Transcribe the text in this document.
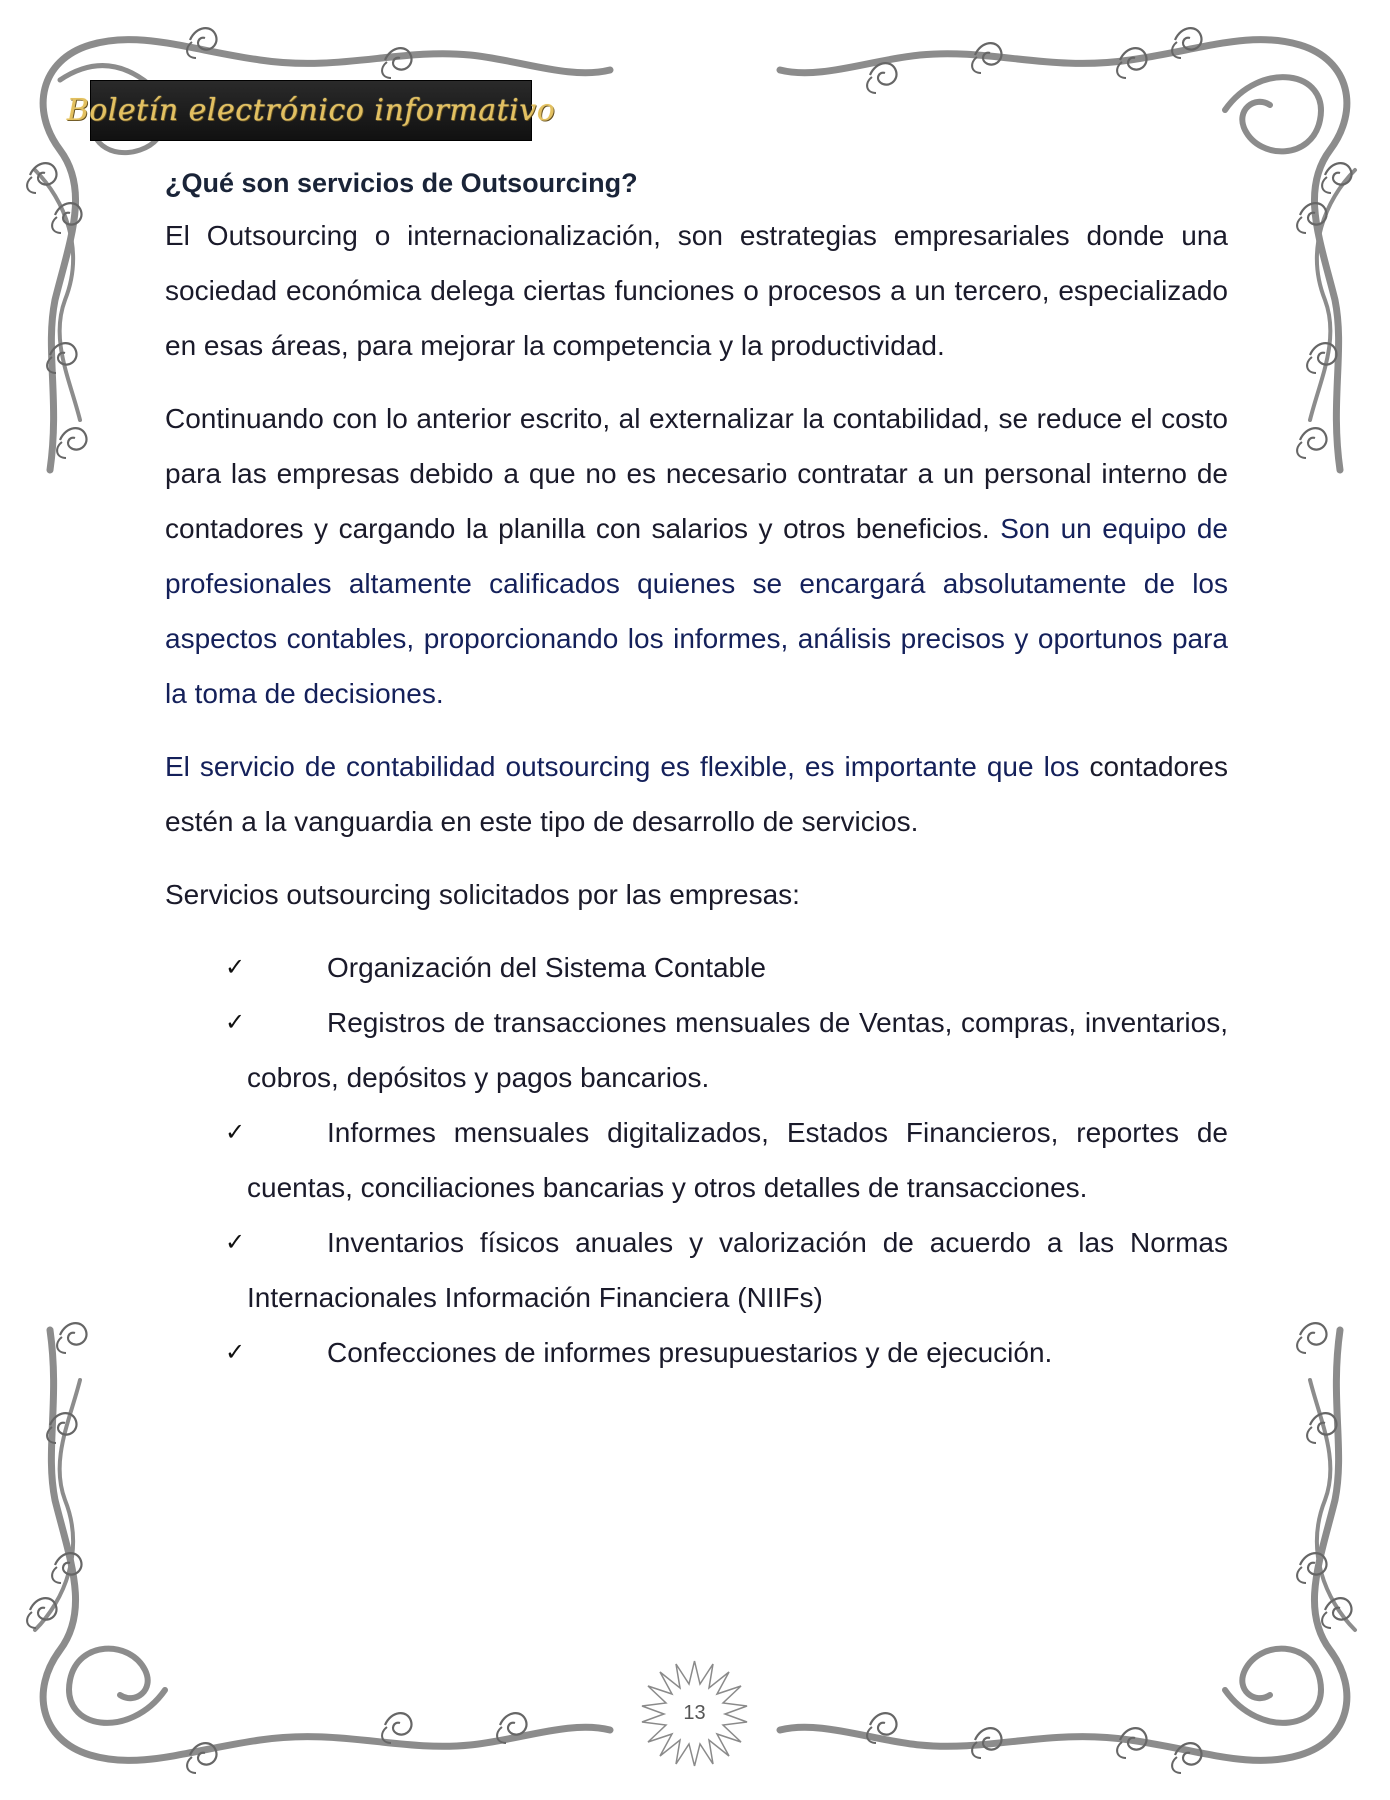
Boletín electrónico informativo
¿Qué son servicios de Outsourcing?

El Outsourcing o internacionalización, son estrategias empresariales donde una sociedad económica delega ciertas funciones o procesos a un tercero, especializado en esas áreas, para mejorar la competencia y la productividad.

Continuando con lo anterior escrito, al externalizar la contabilidad, se reduce el costo para las empresas debido a que no es necesario contratar a un personal interno de contadores y cargando la planilla con salarios y otros beneficios. Son un equipo de profesionales altamente calificados quienes se encargará absolutamente de los aspectos contables, proporcionando los informes, análisis precisos y oportunos para la toma de decisiones.

El servicio de contabilidad outsourcing es flexible, es importante que los contadores estén a la vanguardia en este tipo de desarrollo de servicios.

Servicios outsourcing solicitados por las empresas:

✓	Organización del Sistema Contable
✓	Registros de transacciones mensuales de Ventas, compras, inventarios, cobros, depósitos y pagos bancarios.
✓	Informes mensuales digitalizados, Estados Financieros, reportes de cuentas, conciliaciones bancarias y otros detalles de transacciones.
✓	Inventarios físicos anuales y valorización de acuerdo a las Normas Internacionales Información Financiera (NIIFs)
✓	Confecciones de informes presupuestarios y de ejecución.
13
